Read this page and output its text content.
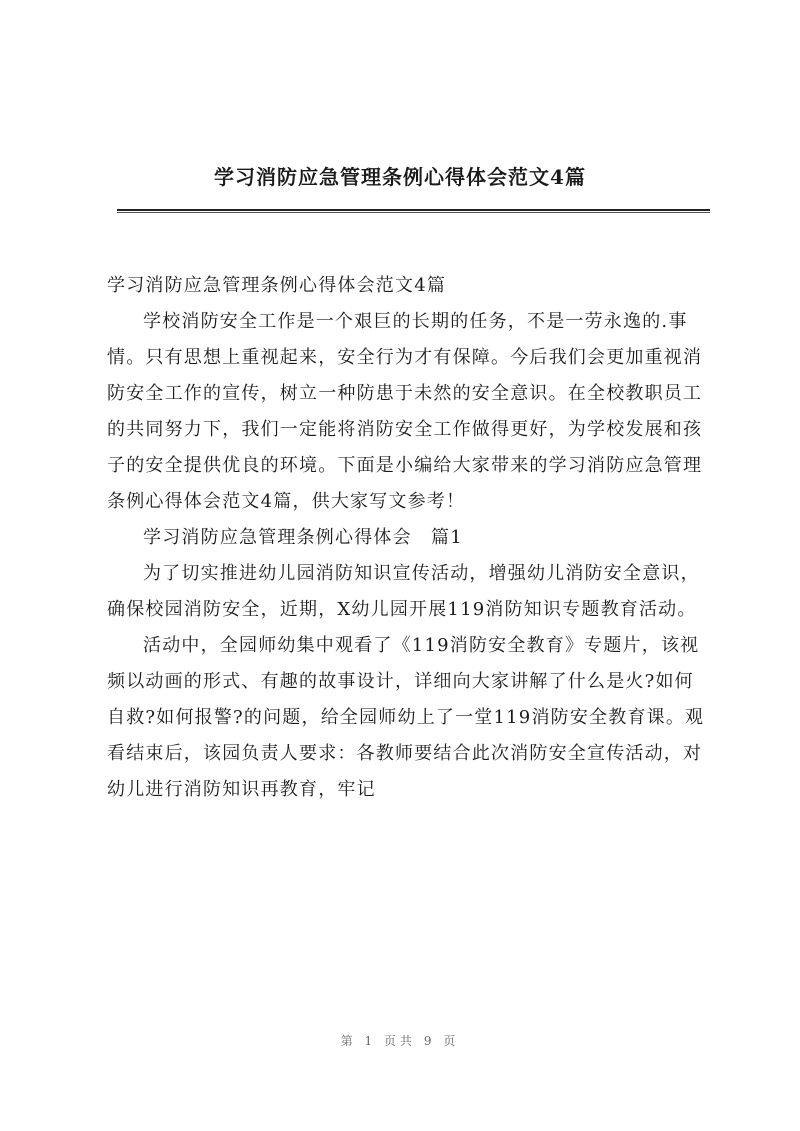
学习消防应急管理条例心得体会范文4篇

学习消防应急管理条例心得体会范文4篇

学校消防安全工作是一个艰巨的长期的任务，不是一劳永逸的.事情。只有思想上重视起来，安全行为才有保障。今后我们会更加重视消防安全工作的宣传，树立一种防患于未然的安全意识。在全校教职员工的共同努力下，我们一定能将消防安全工作做得更好，为学校发展和孩子的安全提供优良的环境。下面是小编给大家带来的学习消防应急管理条例心得体会范文4篇，供大家写文参考！

学习消防应急管理条例心得体会　篇1

为了切实推进幼儿园消防知识宣传活动，增强幼儿消防安全意识，确保校园消防安全，近期，X幼儿园开展119消防知识专题教育活动。

活动中，全园师幼集中观看了《119消防安全教育》专题片，该视频以动画的形式、有趣的故事设计，详细向大家讲解了什么是火?如何自救?如何报警?的问题，给全园师幼上了一堂119消防安全教育课。观看结束后，该园负责人要求：各教师要结合此次消防安全宣传活动，对幼儿进行消防知识再教育，牢记

第 1 页共 9 页
